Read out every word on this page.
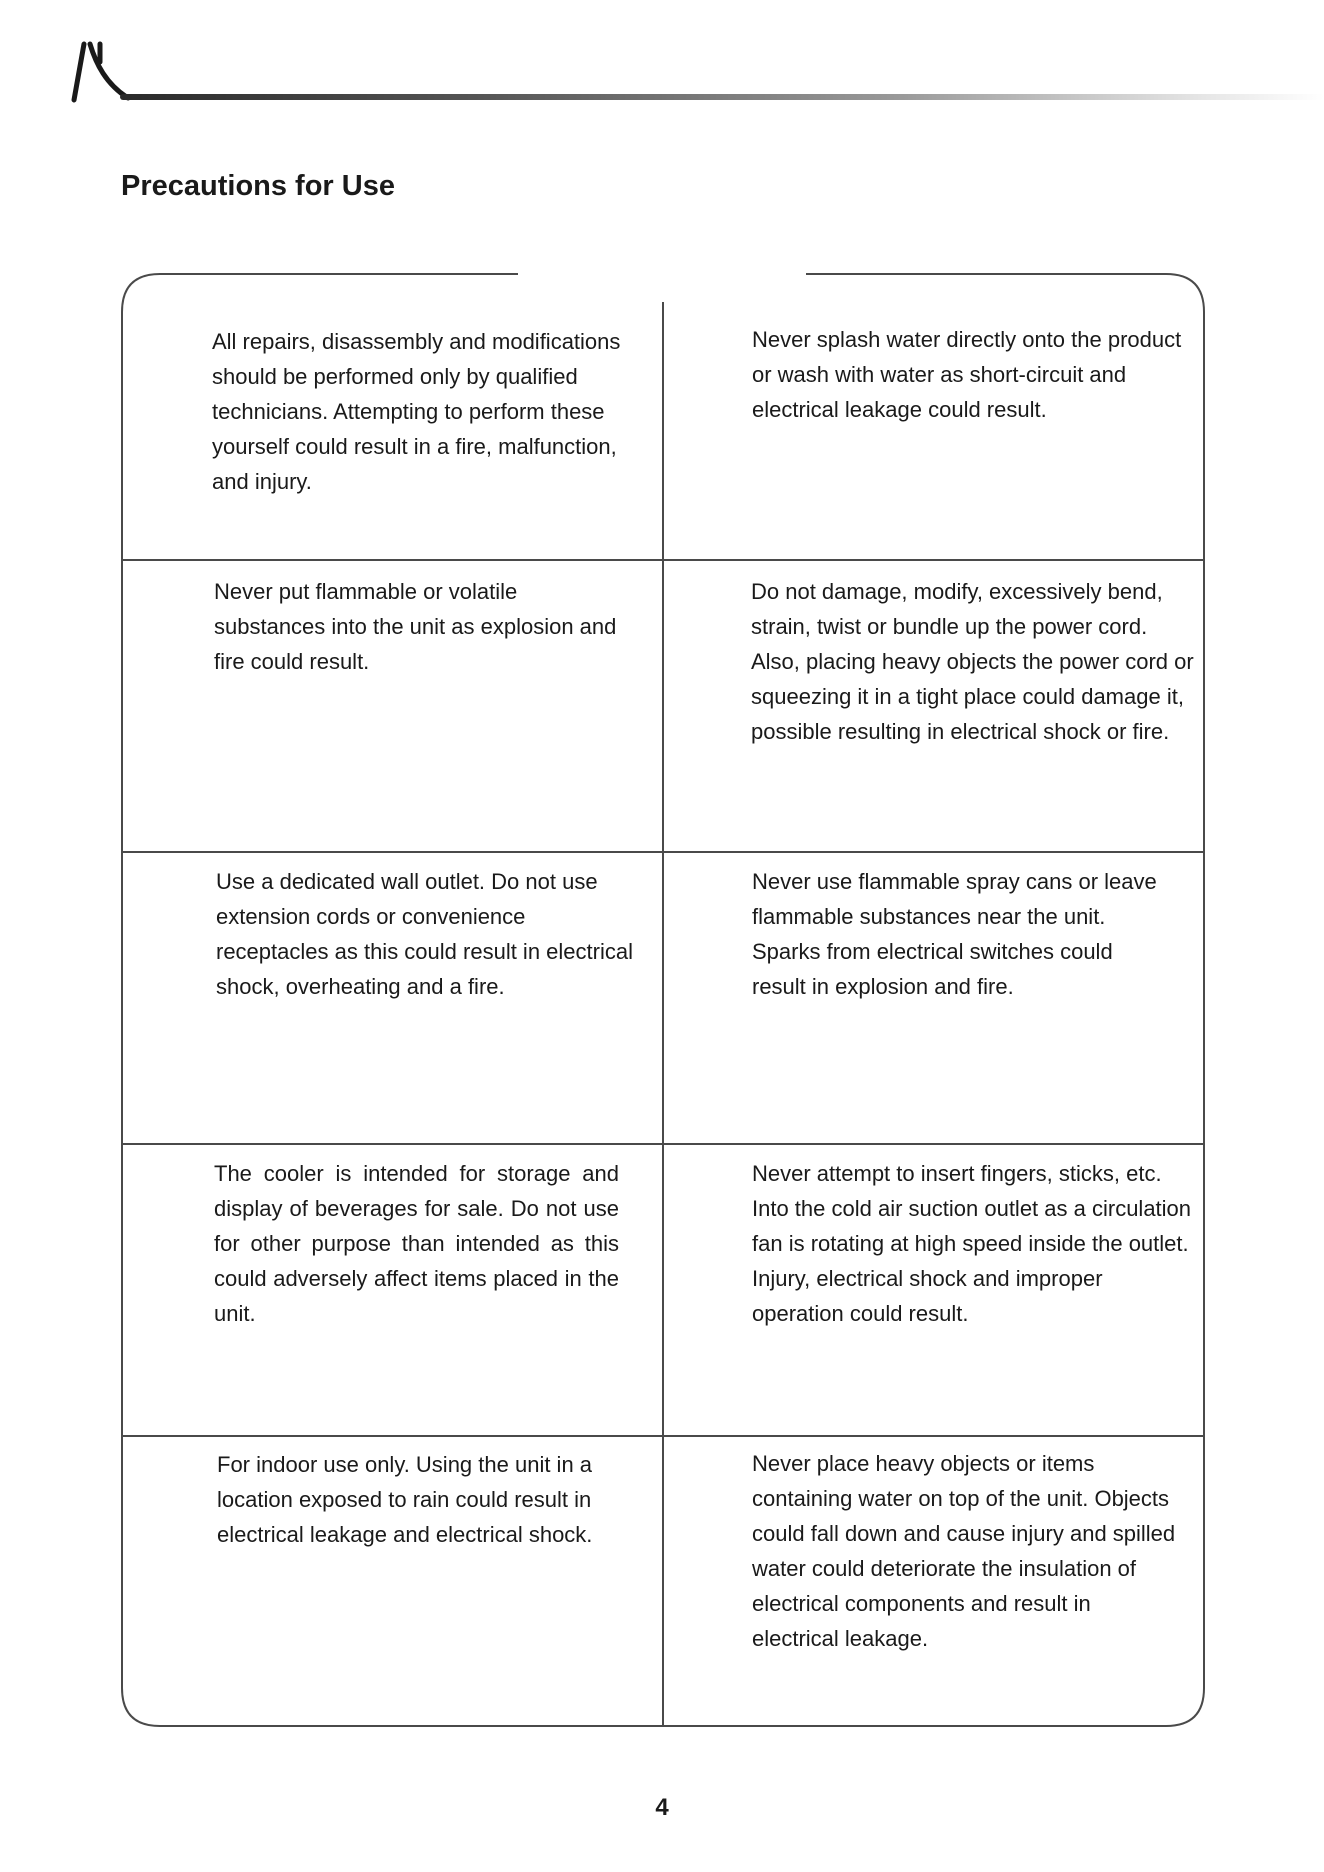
Precautions for Use

All repairs, disassembly and modifications should be performed only by qualified technicians. Attempting to perform these yourself could result in a fire, malfunction, and injury.

Never splash water directly onto the product or wash with water as short-circuit and electrical leakage could result.

Never put flammable or volatile substances into the unit as explosion and fire could result.

Do not damage, modify, excessively bend, strain, twist or bundle up the power cord. Also, placing heavy objects the power cord or squeezing it in a tight place could damage it, possible resulting in electrical shock or fire.

Use a dedicated wall outlet. Do not use extension cords or convenience receptacles as this could result in electrical shock, overheating and a fire.

Never use flammable spray cans or leave flammable substances near the unit. Sparks from electrical switches could result in explosion and fire.

The cooler is intended for storage and display of beverages for sale. Do not use for other purpose than intended as this could adversely affect items placed in the unit.

Never attempt to insert fingers, sticks, etc. Into the cold air suction outlet as a circulation fan is rotating at high speed inside the outlet. Injury, electrical shock and improper operation could result.

For indoor use only. Using the unit in a location exposed to rain could result in electrical leakage and electrical shock.

Never place heavy objects or items containing water on top of the unit. Objects could fall down and cause injury and spilled water could deteriorate the insulation of electrical components and result in electrical leakage.

4
